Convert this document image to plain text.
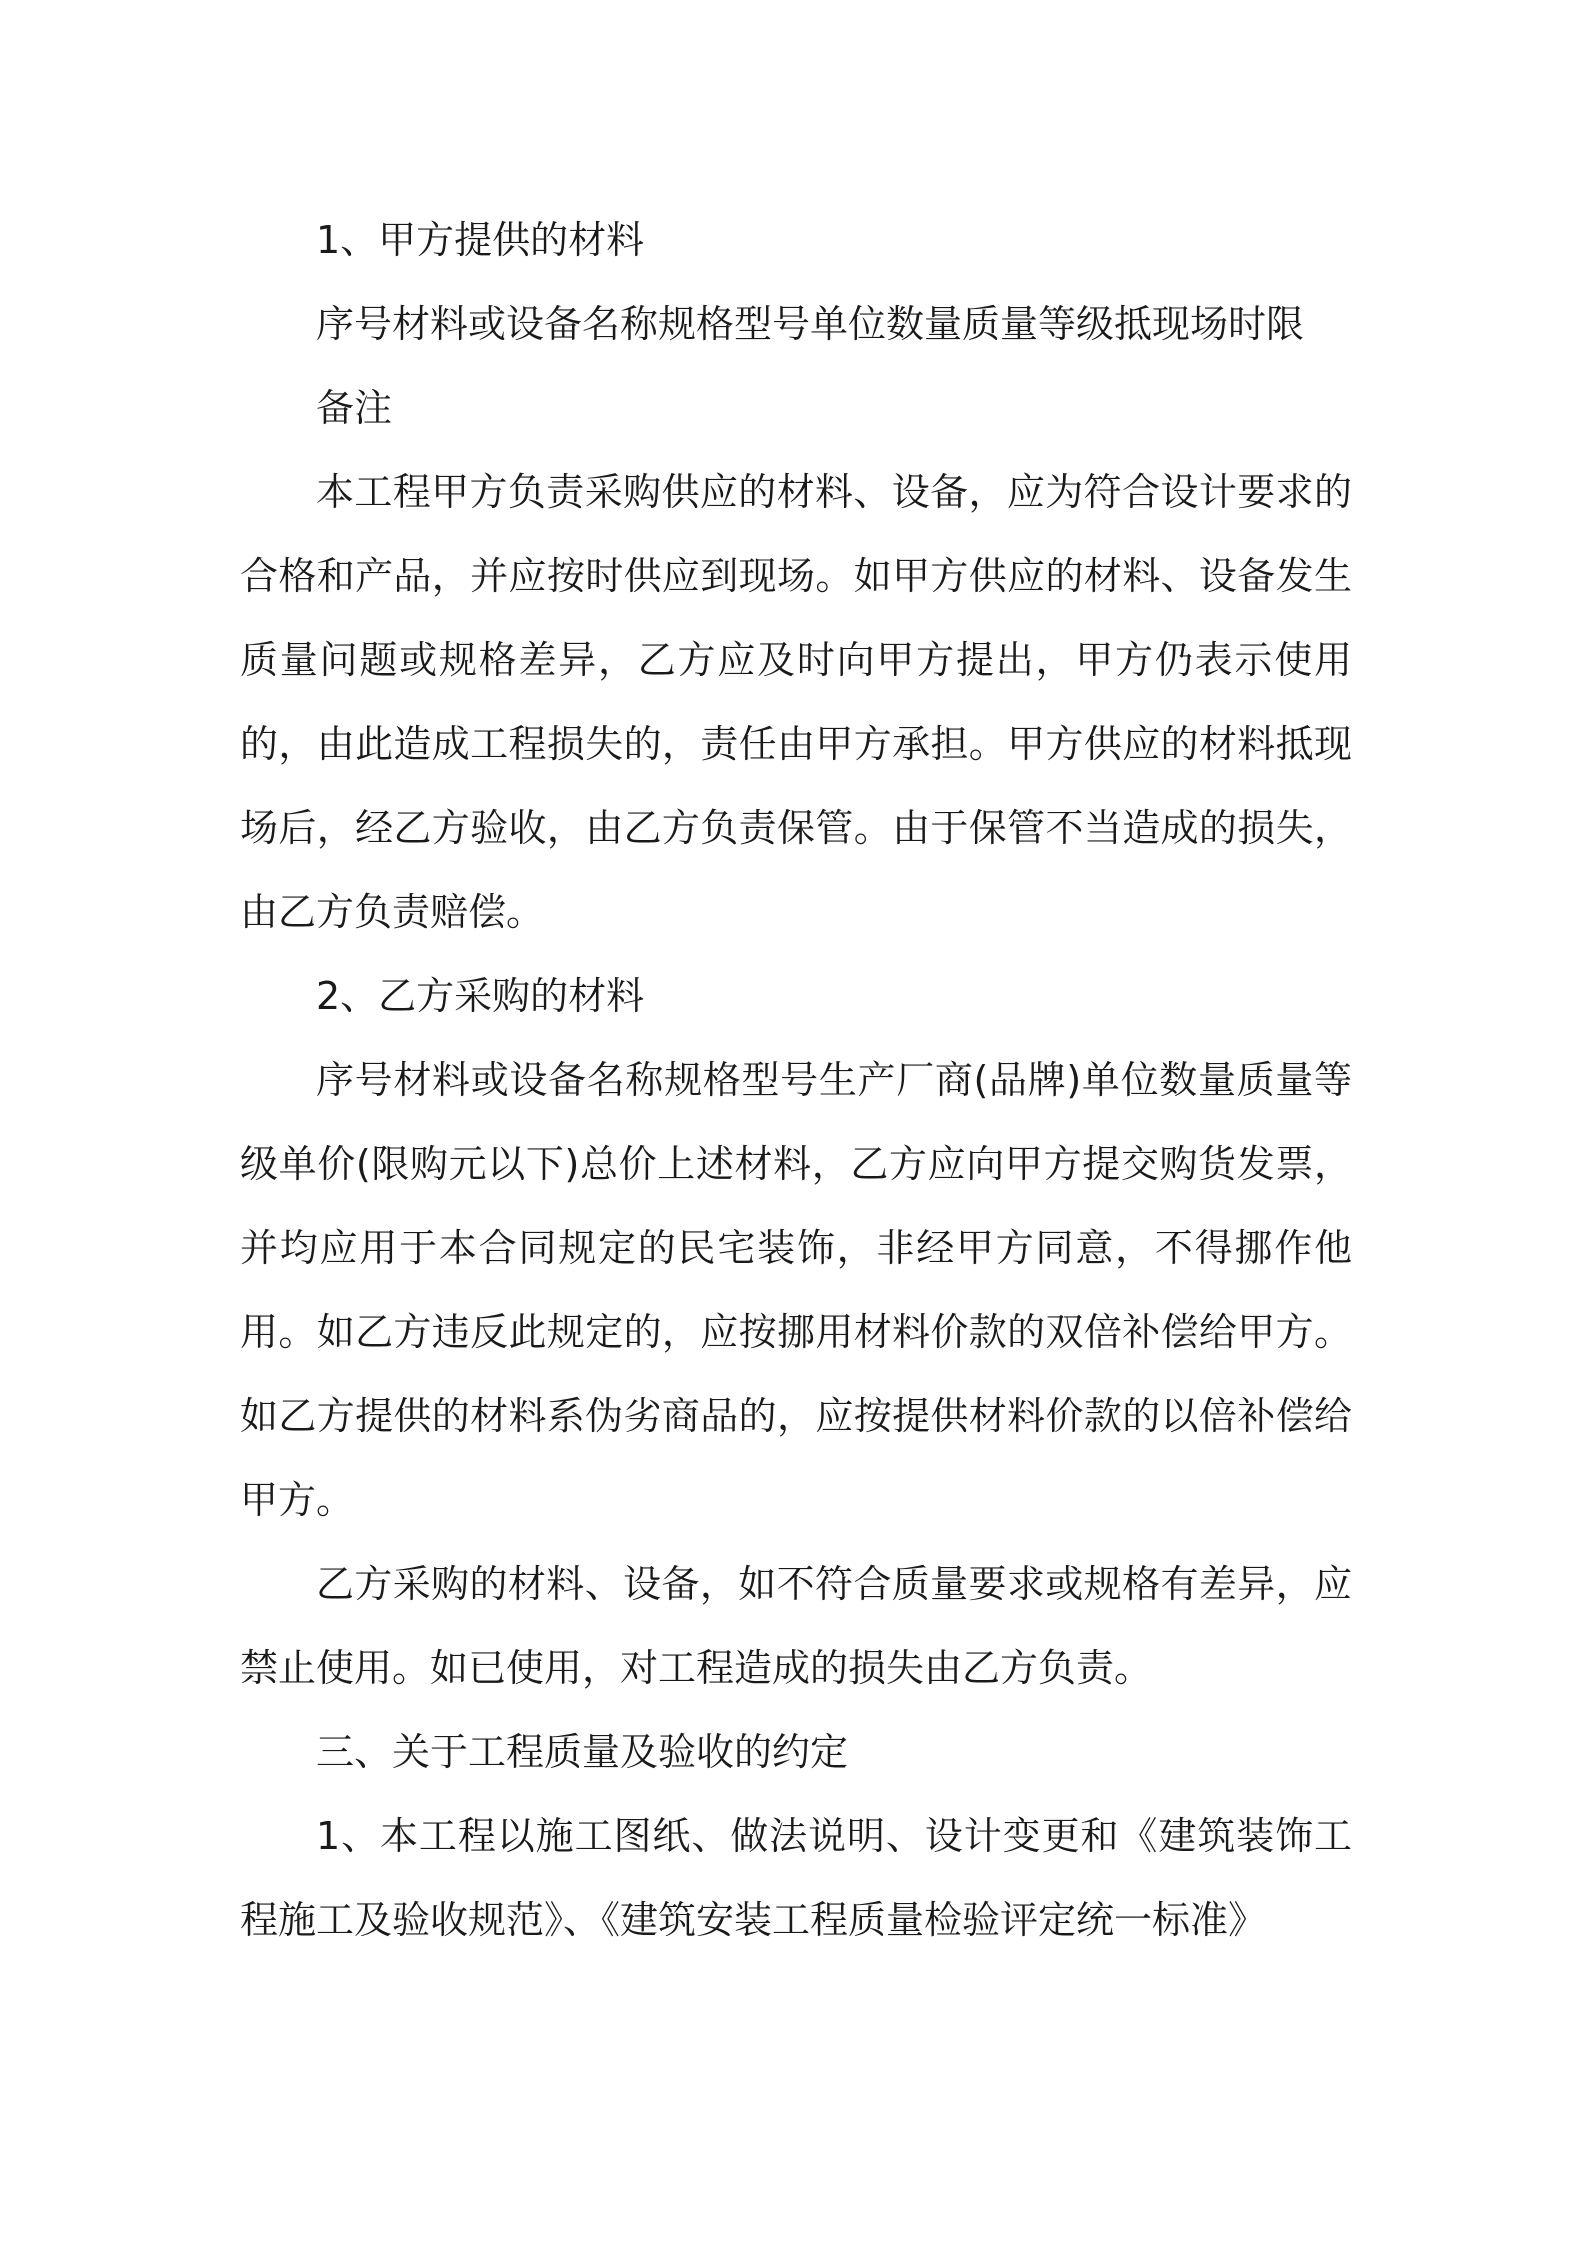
1、甲方提供的材料

序号材料或设备名称规格型号单位数量质量等级抵现场时限

备注

本工程甲方负责采购供应的材料、设备，应为符合设计要求的合格和产品，并应按时供应到现场。如甲方供应的材料、设备发生质量问题或规格差异，乙方应及时向甲方提出，甲方仍表示使用的，由此造成工程损失的，责任由甲方承担。甲方供应的材料抵现场后，经乙方验收，由乙方负责保管。由于保管不当造成的损失，由乙方负责赔偿。

2、乙方采购的材料

序号材料或设备名称规格型号生产厂商(品牌)单位数量质量等级单价(限购元以下)总价上述材料，乙方应向甲方提交购货发票，并均应用于本合同规定的民宅装饰，非经甲方同意，不得挪作他用。如乙方违反此规定的，应按挪用材料价款的双倍补偿给甲方。如乙方提供的材料系伪劣商品的，应按提供材料价款的以倍补偿给甲方。

乙方采购的材料、设备，如不符合质量要求或规格有差异，应禁止使用。如已使用，对工程造成的损失由乙方负责。

三、关于工程质量及验收的约定

1、本工程以施工图纸、做法说明、设计变更和《建筑装饰工程施工及验收规范》、《建筑安装工程质量检验评定统一标准》
